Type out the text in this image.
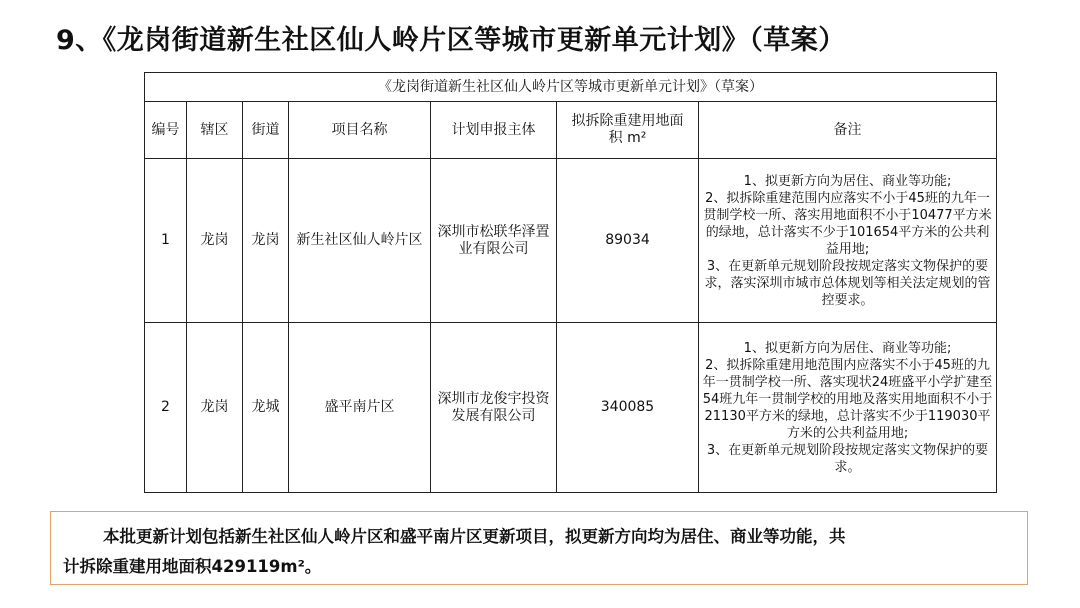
9、《龙岗街道新生社区仙人岭片区等城市更新单元计划》（草案）
《龙岗街道新生社区仙人岭片区等城市更新单元计划》（草案）						
编号	辖区	街道	项目名称	计划申报主体	拟拆除重建用地面积 m²	备注
1	龙岗	龙岗	新生社区仙人岭片区	深圳市松联华泽置业有限公司	89034	1、拟更新方向为居住、商业等功能;
2、拟拆除重建范围内应落实不小于45班的九年一贯制学校一所、落实用地面积不小于10477平方米的绿地，总计落实不少于101654平方米的公共利益用地;
3、在更新单元规划阶段按规定落实文物保护的要求，落实深圳市城市总体规划等相关法定规划的管控要求。

2	龙岗	龙城	盛平南片区	深圳市龙俊宇投资发展有限公司	340085	1、拟更新方向为居住、商业等功能;
2、拟拆除重建用地范围内应落实不小于45班的九年一贯制学校一所、落实现状24班盛平小学扩建至54班九年一贯制学校的用地及落实用地面积不小于21130平方米的绿地，总计落实不少于119030平方米的公共利益用地;
3、在更新单元规划阶段按规定落实文物保护的要求。
本批更新计划包括新生社区仙人岭片区和盛平南片区更新项目，拟更新方向均为居住、商业等功能，共
计拆除重建用地面积429119m²。
